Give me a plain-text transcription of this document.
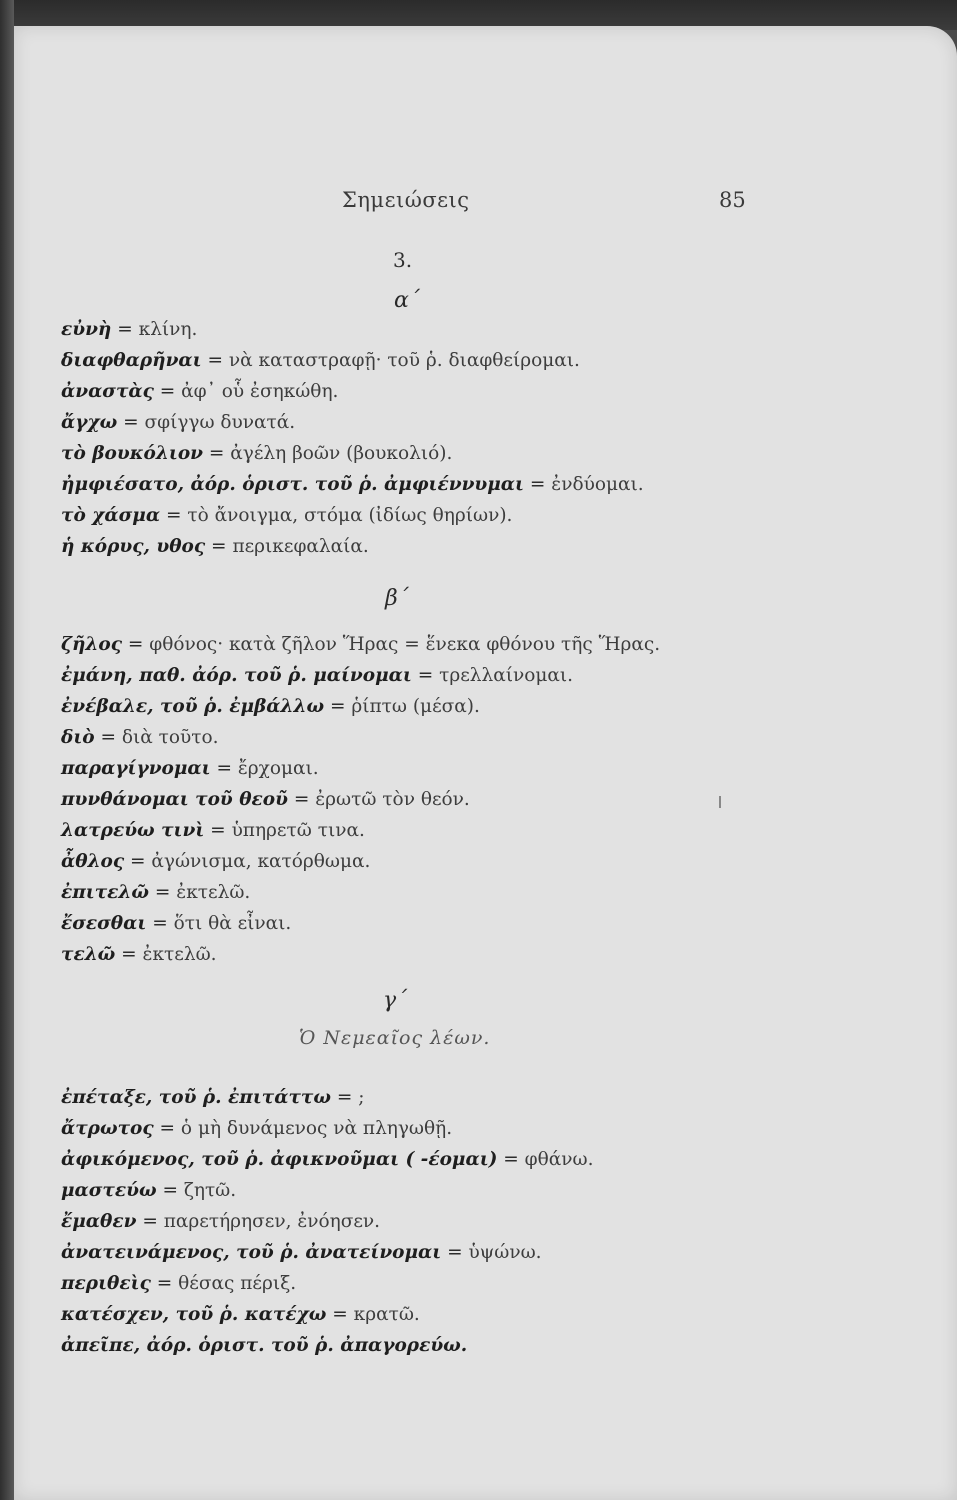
Σημειώσεις	85
3.
α΄
εὐνὴ = κλίνη.
διαφθαρῆναι = νὰ καταστραφῇ· τοῦ ῥ. διαφθείρομαι.
ἀναστὰς = ἀφ᾽ οὗ ἐσηκώθη.
ἄγχω = σφίγγω δυνατά.
τὸ βουκόλιον = ἀγέλη βοῶν (βουκολιό).
ἠμφιέσατο, ἀόρ. ὁριστ. τοῦ ῥ. ἀμφιέννυμαι = ἐνδύομαι.
τὸ χάσμα = τὸ ἄνοιγμα, στόμα (ἰδίως θηρίων).
ἡ κόρυς, υθος = περικεφαλαία.
β΄
ζῆλος = φθόνος· κατὰ ζῆλον Ἥρας = ἕνεκα φθόνου τῆς Ἥρας.
ἐμάνη, παθ. ἀόρ. τοῦ ῥ. μαίνομαι = τρελλαίνομαι.
ἐνέβαλε, τοῦ ῥ. ἐμβάλλω = ῥίπτω (μέσα).
διὸ = διὰ τοῦτο.
παραγίγνομαι = ἔρχομαι.
πυνθάνομαι τοῦ θεοῦ = ἐρωτῶ τὸν θεόν.
λατρεύω τινὶ = ὑπηρετῶ τινα.
ἆθλος = ἀγώνισμα, κατόρθωμα.
ἐπιτελῶ = ἐκτελῶ.
ἔσεσθαι = ὅτι θὰ εἶναι.
τελῶ = ἐκτελῶ.
γ΄
Ὁ Νεμεαῖος λέων.
ἐπέταξε, τοῦ ῥ. ἐπιτάττω = ;
ἄτρωτος = ὁ μὴ δυνάμενος νὰ πληγωθῇ.
ἀφικόμενος, τοῦ ῥ. ἀφικνοῦμαι ( -έομαι) = φθάνω.
μαστεύω = ζητῶ.
ἔμαθεν = παρετήρησεν, ἐνόησεν.
ἀνατεινάμενος, τοῦ ῥ. ἀνατείνομαι = ὑψώνω.
περιθεὶς = θέσας πέριξ.
κατέσχεν, τοῦ ῥ. κατέχω = κρατῶ.
ἀπεῖπε, ἀόρ. ὁριστ. τοῦ ῥ. ἀπαγορεύω.
